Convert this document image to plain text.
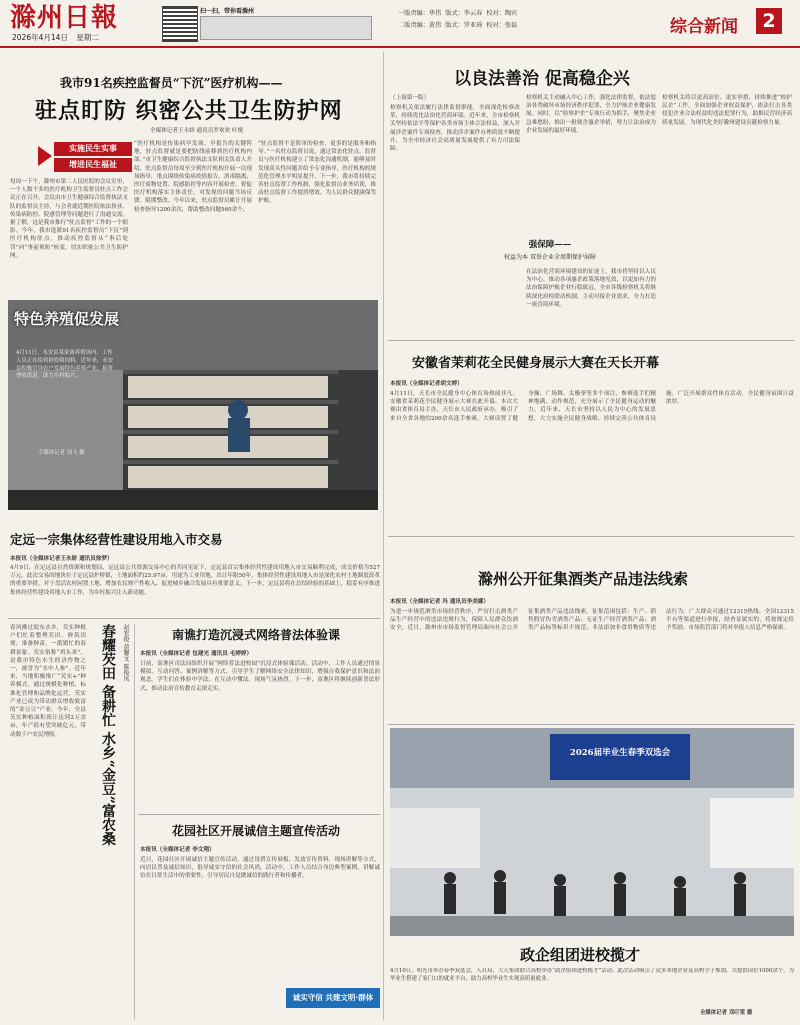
滁州日報
2026年4月14日 星期二
扫一扫，带你看滁州	一版责编：华伟 版式：李云春 校对：陶宾
二版责编：黄伟 版式：罗亚琦 校对：张磊	综合新闻	2
我市91名疾控监督员“下沉”医疗机构——
驻点盯防 织密公共卫生防护网
全媒体记者王永娇 通讯员罗欢欢 叶俊
实施民生实事
增进民生福祉
每周一下午，滁州市第二人民医院的会议室里，一个人数不多的医疗机构卫生监督员驻点工作会议正在召开。会议由市卫生健康综合监督执法支队的监督员主持，与会者就近期医院依法执业、传染病防控、院感管理等问题进行了沟通交流。据了解，这是我市推行“驻点监督”工作的一个缩影。今年，我市选派91名疾控监督员“下沉”到医疗机构驻点，推动疾控监督从“事后处罚”向“事前预防”转变，切实织密公共卫生防护网。
“医疗机构是传染病早发现、早报告的关键阵地，驻点监督就是要把防线前移到医疗机构内部。”市卫生健康综合监督执法支队相关负责人介绍，驻点监督员每周至少到医疗机构开展一次现场指导，重点围绕传染病疫情报告、消毒隔离、医疗废物处置、院感防控等内容开展检查，督促医疗机构落实主体责任，对发现的问题当场反馈、限期整改。今年以来，驻点监督员累计开展检查指导1200余次，帮助整改问题560余个。
“驻点监督不是简单的检查，更多的是服务和指导。”一名驻点监督员说，通过常态化驻点，监督员与医疗机构建立了常态化沟通机制，能够及时发现苗头性问题并给予专业指导，医疗机构的规范化管理水平明显提升。下一步，我市将持续完善驻点监督工作机制，强化监督员业务培训，推动驻点监督工作提质增效，为人民群众健康保驾护航。
特色养殖促发展
4月11日，永安县某家禽养殖场内，工作人员正在给鸡群投喂饲料。近年来，永安县积极引导农户发展特色养殖产业，拓宽增收渠道，助力乡村振兴。
全媒体记者 刘飞 摄
定远一宗集体经营性建设用地入市交易
本报讯（全媒体记者王永娇 通讯员徐梦）
4月9日，在定远县自然资源和规划局、定远县公共资源交易中心的共同见证下，定远县首宗集体经营性建设用地入市交易顺利完成，成交价格为527万元。此次交易的地块位于定远县炉桥镇，土地面积约25.97亩，用途为工业用地，出让年限50年。集体经营性建设用地入市是深化农村土地制度改革的重要举措，对于盘活农村闲置土地、增加农民财产性收入、促进城乡融合发展具有重要意义。下一步，定远县将在总结经验的基础上，稳妥有序推进集体经营性建设用地入市工作，为乡村振兴注入新动能。
春风拂过皖东水乡，芡实种植户们忙着整理芡田、修筑田埂、准备种苗，一派繁忙的春耕景象。芡实俗称“鸡头米”，是我市特色水生经济作物之一，被誉为“水中人参”。近年来，当地积极推广“芡实+”种养模式，通过规模化种植、标准化管理和品牌化运营，芡实产业已成为带动群众增收致富的“金豆豆”产业。今年，全县芡实种植面积预计达到2万余亩，年产值有望突破亿元，带动数千户农民增收。	春耀芡田 备耕忙 水乡“金豆”富农桑	赵宏俊 黄馨文 陈俊凤	南谯打造沉浸式网络普法体验课
本报讯（全媒体记者 包建光 通讯员 毛婷婷）
日前，南谯区司法局组织开展“网络普法进校园”沉浸式体验课活动。活动中，工作人员通过情景模拟、互动问答、案例讲解等方式，引导学生了解网络安全法律知识，增强自我保护意识和法治观念。学生们在体验中学法、在互动中懂法，现场气氛热烈。下一步，南谯区将继续创新普法形式，推动法治宣传教育走深走实。
花园社区开展诚信主题宣传活动
本报讯（全媒体记者 李文翔）
近日，花园社区开展诚信主题宣传活动，通过设置宣传展板、发放宣传资料、现场讲解等方式，向居民普及诚信知识，倡导诚实守信的社会风尚。活动中，工作人员结合身边典型案例，讲解诚信在日常生活中的重要性，引导居民自觉做诚信的践行者和传播者。
诚实守信 共建文明·群体
以良法善治 促高稳企兴
（上接第一版）
检察机关依法履行法律监督职能，全面深化检察改革，持续优化法治化营商环境。近年来，全市检察机关坚持依法平等保护各类市场主体合法权益，深入开展涉企案件专项检查，推动涉企案件办理质效不断提升，为全市经济社会高质量发展提供了有力司法保障。
检察机关主动融入中心工作，强化法律监督，依法惩治各类破坏市场经济秩序犯罪，全力护航企业健康发展。同时，以“检察护企”专项行动为抓手，聚焦企业急难愁盼，推出一批便企惠企举措，努力让法治成为企业发展的最好环境。
检察机关将以更高站位、更实举措，持续推进“检护民企”工作，全面加强企业权益保护，依法打击各类侵犯企业合法权益的违法犯罪行为，助推民营经济高质量发展，为现代化美好滁州建设贡献检察力量。
强保障——
权益为本 双举企业全周期保护屏障
在法治化营商环境建设的征途上，我市将坚持以人民为中心，推动各项惠企政策落地见效，以更加有力的法治保障护航企业行稳致远。全市各级检察机关将继续深化府检联动机制，主动对接企业需求，全力打造一流营商环境。
安徽省茉莉花全民健身展示大赛在天长开幕
本报讯（全媒体记者胡文婷）
4月11日，天长市全民健身中心体育场热闹非凡，安徽省茉莉花全民健身展示大赛在此开幕。本次大赛由省体育局主办，天长市人民政府承办，吸引了来自全省各地的200余名选手参赛。大赛设置了健身操、广场舞、太极拳等多个项目，参赛选手们精神饱满、动作规范，充分展示了全民健身运动的魅力。近年来，天长市坚持以人民为中心的发展思想，大力实施全民健身战略，持续完善公共体育设施，广泛开展群众性体育活动，全民健身氛围日益浓厚。
滁州公开征集酒类产品违法线索
本报讯（全媒体记者 冯 通讯员李美娜）
为进一步规范酒类市场经营秩序，严厉打击酒类产品生产经营中的违法违规行为，保障人民群众饮酒安全，近日，滁州市市场监督管理局面向社会公开征集酒类产品违法线索。征集范围包括：生产、销售假冒伪劣酒类产品；无证生产经营酒类产品；酒类产品标签标识不规范；非法添加非食用物质等违法行为。广大群众可通过12315热线、全国12315平台等渠道进行举报，经查证属实的，将按规定给予奖励。市场监管部门将对举报人信息严格保密。
2026届毕业生春季双选会
政企组团进校揽才
4月10日，明光市举办春季双选会，人社局、大天集团联合高校举办“政企组团进校揽才”活动。此次活动吸引了众多本地企业及高校学子参加，共提供岗位1000余个，为毕业生搭建了家门口的就业平台，助力高校毕业生实现高质量就业。
全媒体记者 邓叮雯 摄
